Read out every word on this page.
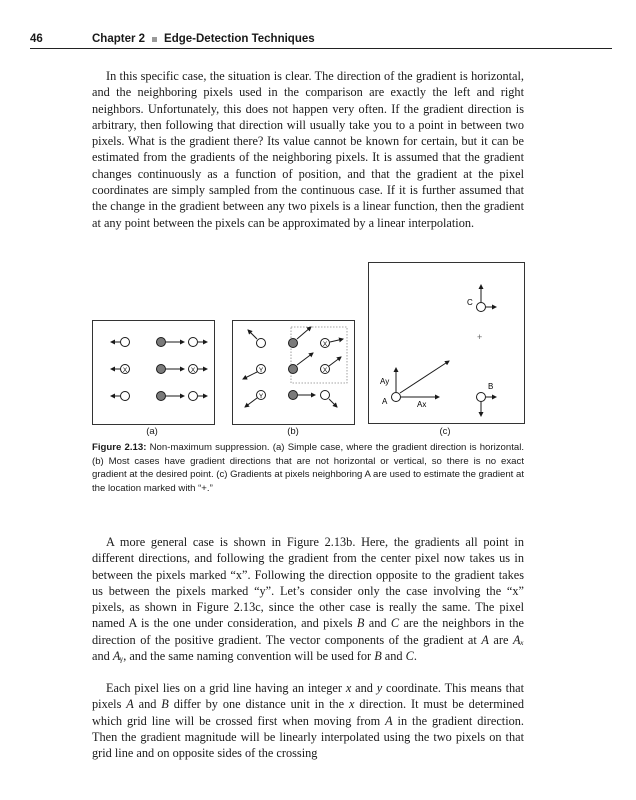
46	Chapter 2 Edge-Detection Techniques

In this specific case, the situation is clear. The direction of the gradient is horizontal, and the neighboring pixels used in the comparison are exactly the left and right neighbors. Unfortunately, this does not happen very often. If the gradient direction is arbitrary, then following that direction will usually take you to a point in between two pixels. What is the gradient there? Its value cannot be known for certain, but it can be estimated from the gradients of the neighboring pixels. It is assumed that the gradient changes continuously as a function of position, and that the gradient at the pixel coordinates are simply sampled from the continuous case. If it is further assumed that the change in the gradient between any two pixels is a linear function, then the gradient at any point between the pixels can be approximated by a linear interpolation.

X	X
X
X
Y
Y
C
+
B
Ay
A	Ax
(a)	(b)	(c)

Figure 2.13: Non-maximum suppression. (a) Simple case, where the gradient direction is horizontal. (b) Most cases have gradient directions that are not horizontal or vertical, so there is no exact gradient at the desired point. (c) Gradients at pixels neighboring A are used to estimate the gradient at the location marked with “+.”

A more general case is shown in Figure 2.13b. Here, the gradients all point in different directions, and following the gradient from the center pixel now takes us in between the pixels marked “x”. Following the direction opposite to the gradient takes us between the pixels marked “y”. Let’s consider only the case involving the “x” pixels, as shown in Figure 2.13c, since the other case is really the same. The pixel named A is the one under consideration, and pixels B and C are the neighbors in the direction of the positive gradient. The vector components of the gradient at A are Aₓ and Aᵧ, and the same naming convention will be used for B and C.

Each pixel lies on a grid line having an integer x and y coordinate. This means that pixels A and B differ by one distance unit in the x direction. It must be determined which grid line will be crossed first when moving from A in the gradient direction. Then the gradient magnitude will be linearly interpolated using the two pixels on that grid line and on opposite sides of the crossing
